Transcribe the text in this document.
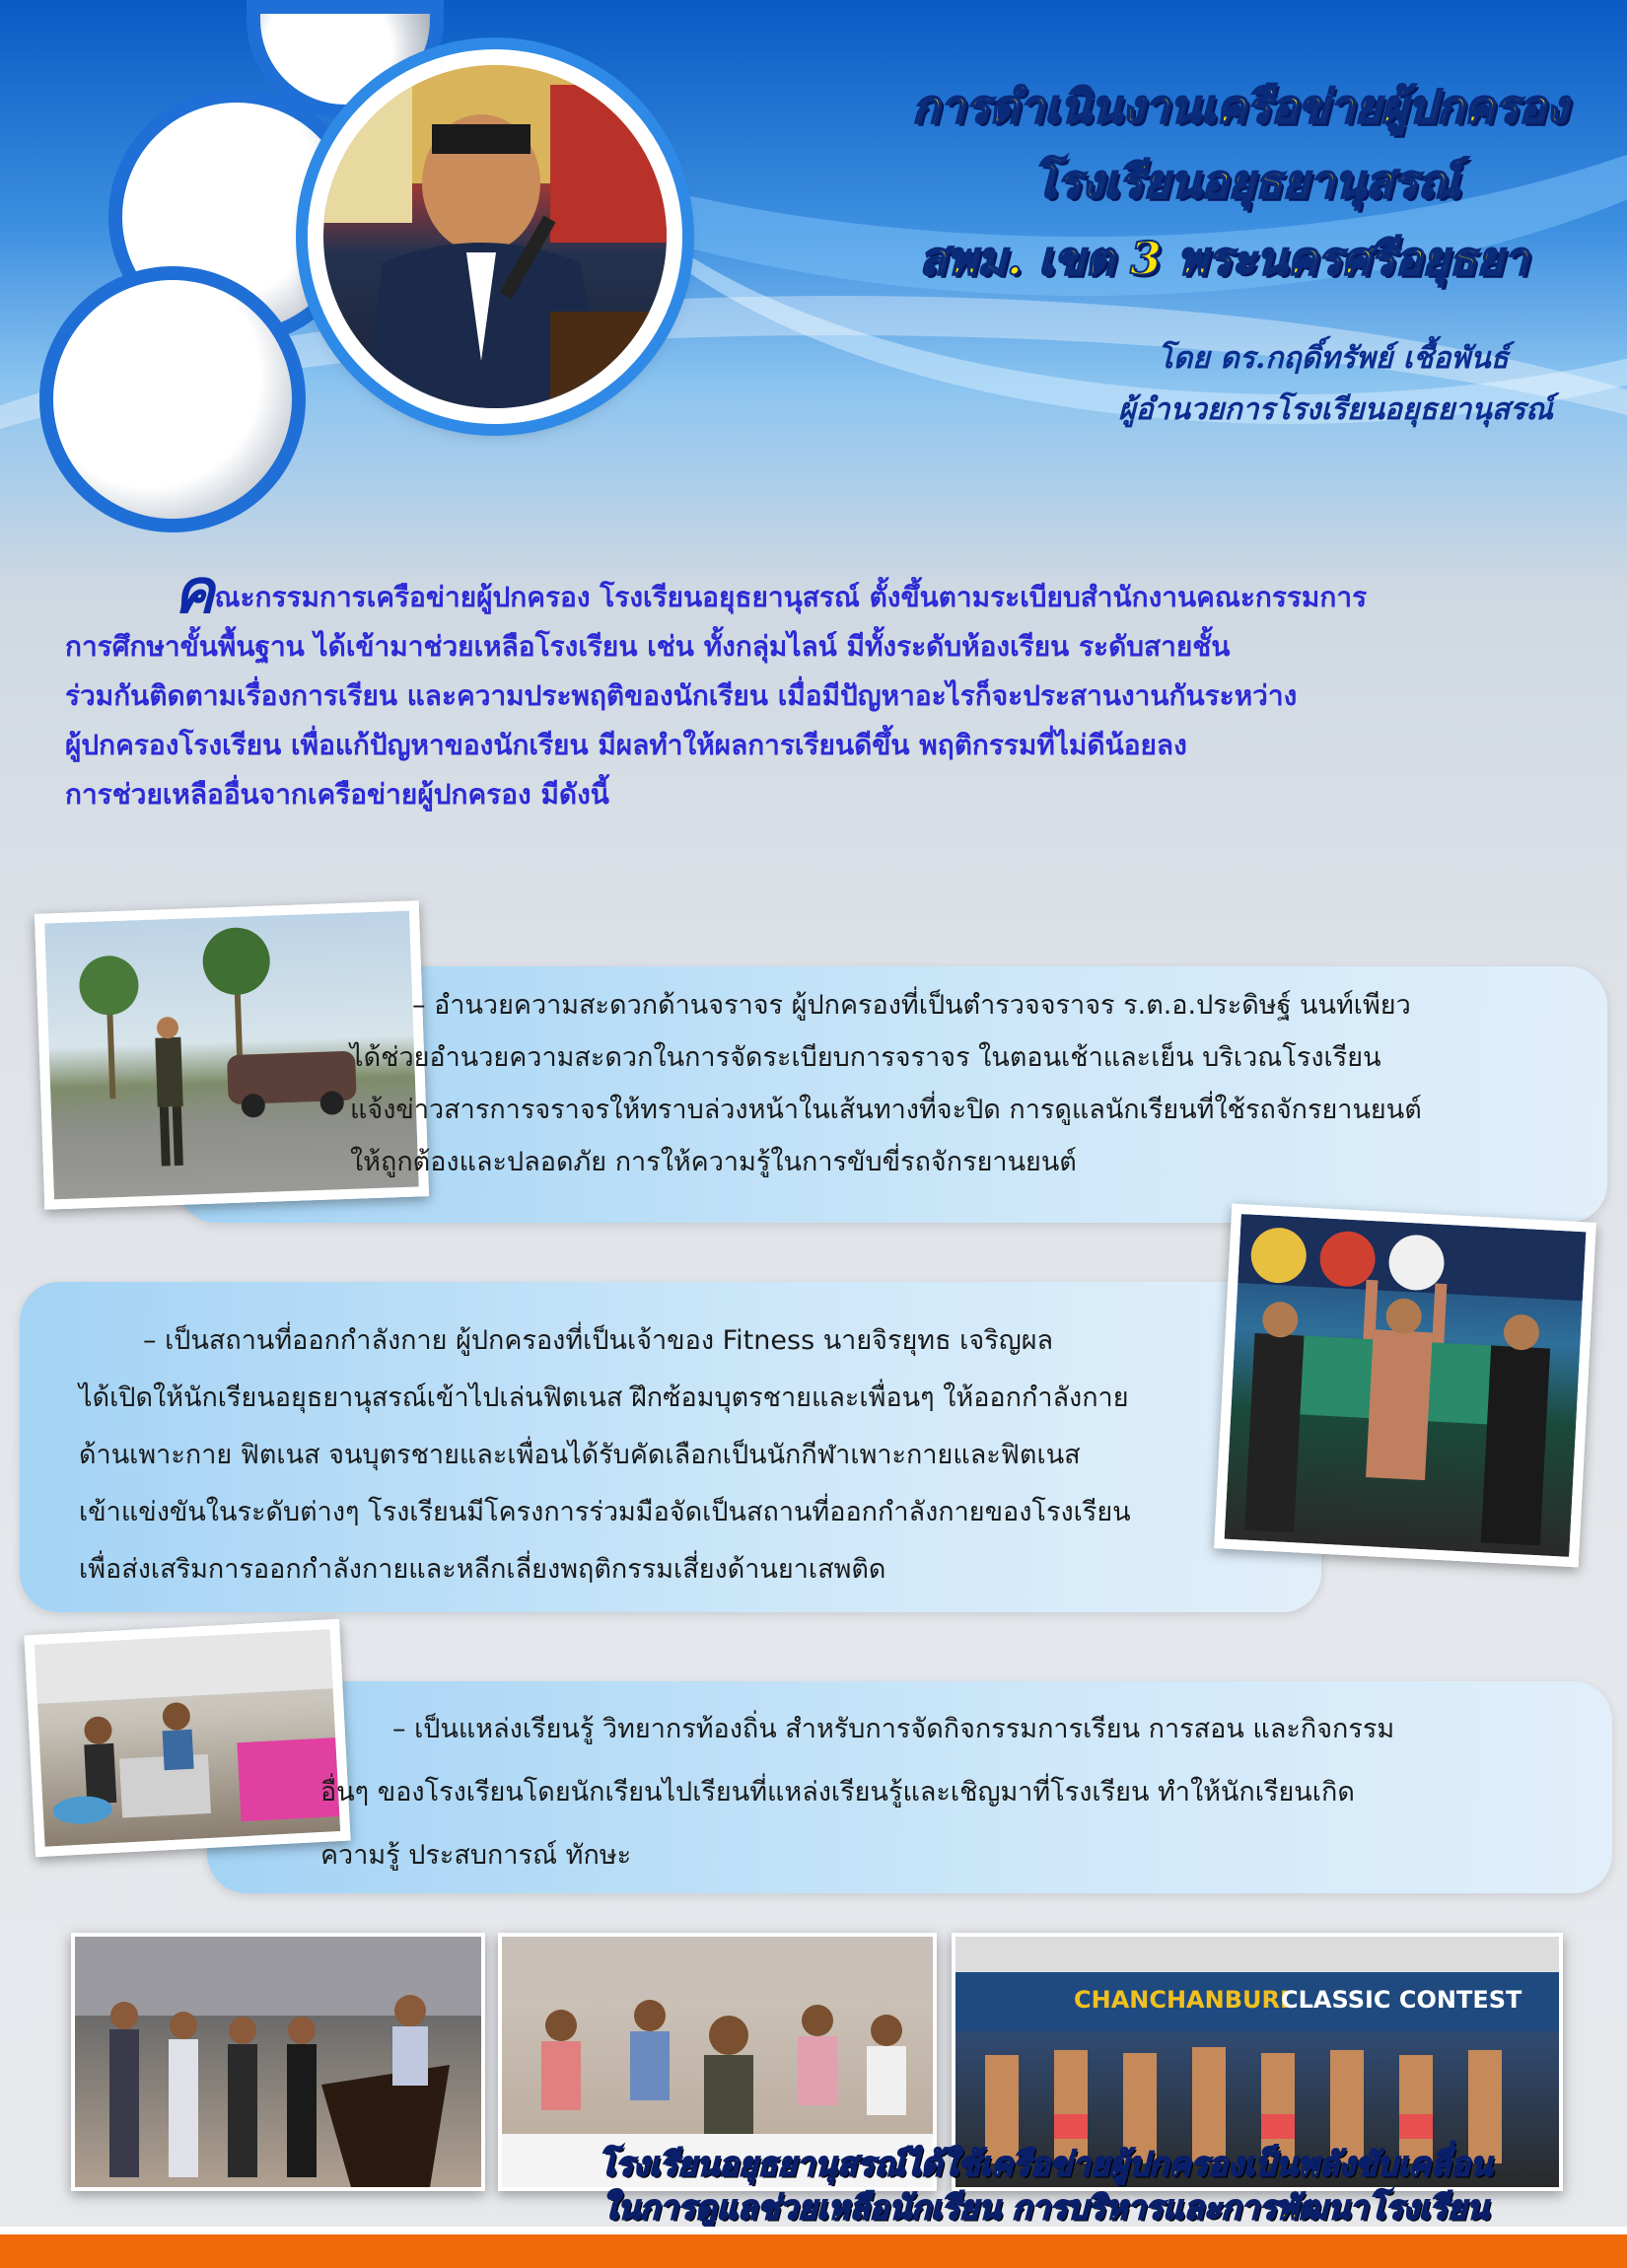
การดำเนินงานเครือข่ายผู้ปกครอง
โรงเรียนอยุธยานุสรณ์
สพม. เขต 3 พระนครศรีอยุธยา
โดย ดร.กฤดิ์ทรัพย์ เชื้อพันธ์
ผู้อำนวยการโรงเรียนอยุธยานุสรณ์
คณะกรรมการเครือข่ายผู้ปกครอง โรงเรียนอยุธยานุสรณ์ ตั้งขึ้นตามระเบียบสำนักงานคณะกรรมการ
การศึกษาขั้นพื้นฐาน ได้เข้ามาช่วยเหลือโรงเรียน เช่น ทั้งกลุ่มไลน์ มีทั้งระดับห้องเรียน ระดับสายชั้น
ร่วมกันติดตามเรื่องการเรียน และความประพฤติของนักเรียน เมื่อมีปัญหาอะไรก็จะประสานงานกันระหว่าง
ผู้ปกครองโรงเรียน เพื่อแก้ปัญหาของนักเรียน มีผลทำให้ผลการเรียนดีขึ้น พฤติกรรมที่ไม่ดีน้อยลง
การช่วยเหลืออื่นจากเครือข่ายผู้ปกครอง มีดังนี้
– อำนวยความสะดวกด้านจราจร ผู้ปกครองที่เป็นตำรวจจราจร ร.ต.อ.ประดิษฐ์ นนท์เพียว
ได้ช่วยอำนวยความสะดวกในการจัดระเบียบการจราจร ในตอนเช้าและเย็น บริเวณโรงเรียน
แจ้งข่าวสารการจราจรให้ทราบล่วงหน้าในเส้นทางที่จะปิด การดูแลนักเรียนที่ใช้รถจักรยานยนต์
ให้ถูกต้องและปลอดภัย การให้ความรู้ในการขับขี่รถจักรยานยนต์
– เป็นสถานที่ออกกำลังกาย ผู้ปกครองที่เป็นเจ้าของ Fitness นายจิรยุทธ เจริญผล
ได้เปิดให้นักเรียนอยุธยานุสรณ์เข้าไปเล่นฟิตเนส ฝึกซ้อมบุตรชายและเพื่อนๆ ให้ออกกำลังกาย
ด้านเพาะกาย ฟิตเนส จนบุตรชายและเพื่อนได้รับคัดเลือกเป็นนักกีฬาเพาะกายและฟิตเนส
เข้าแข่งขันในระดับต่างๆ โรงเรียนมีโครงการร่วมมือจัดเป็นสถานที่ออกกำลังกายของโรงเรียน
เพื่อส่งเสริมการออกกำลังกายและหลีกเลี่ยงพฤติกรรมเสี่ยงด้านยาเสพติด
– เป็นแหล่งเรียนรู้ วิทยากรท้องถิ่น สำหรับการจัดกิจกรรมการเรียน การสอน และกิจกรรม
อื่นๆ ของโรงเรียนโดยนักเรียนไปเรียนที่แหล่งเรียนรู้และเชิญมาที่โรงเรียน ทำให้นักเรียนเกิด
ความรู้ ประสบการณ์ ทักษะ
CHANCHANBURI
CLASSIC CONTEST
โรงเรียนอยุธยานุสรณ์ได้ใช้เครือข่ายผู้ปกครองเป็นพลังขับเคลื่อน
ในการดูแลช่วยเหลือนักเรียน การบริหารและการพัฒนาโรงเรียน
